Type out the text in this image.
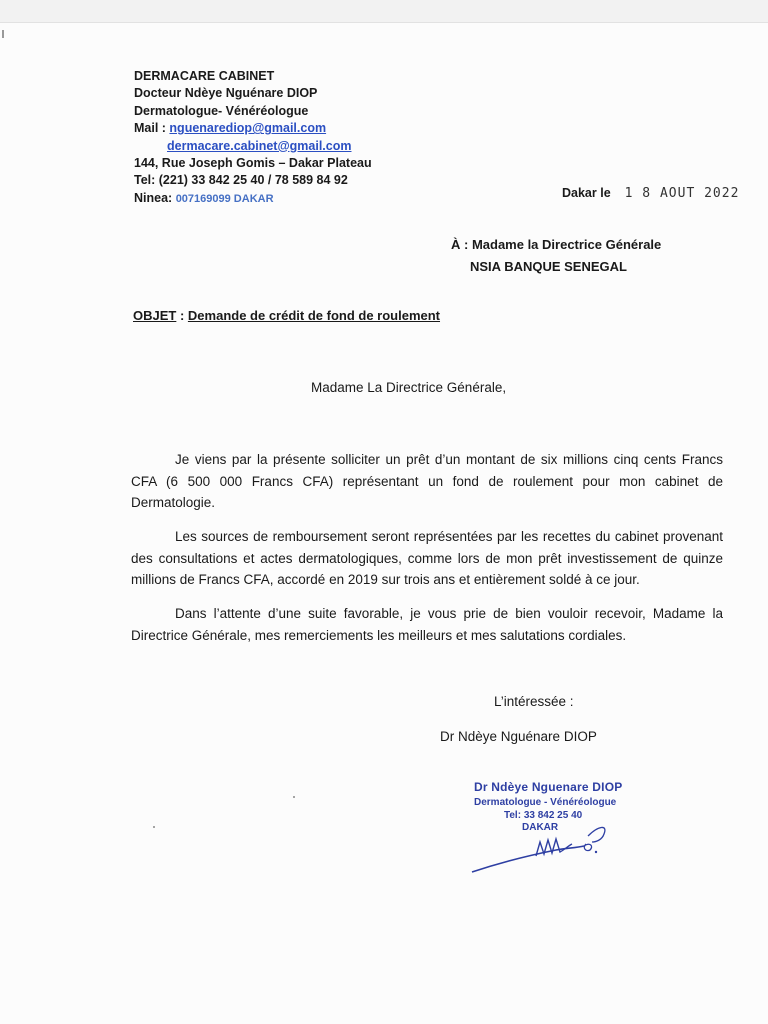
DERMACARE CABINET
Docteur Ndèye Nguénare DIOP
Dermatologue- Vénéréologue
Mail : nguenarediop@gmail.com
dermacare.cabinet@gmail.com
144, Rue Joseph Gomis – Dakar Plateau
Tel: (221) 33 842 25 40 / 78 589 84 92
Ninea: 007169099 DAKAR	Dakar le 1 8 AOUT 2022
À : Madame la Directrice Générale
NSIA BANQUE SENEGAL
OBJET : Demande de crédit de fond de roulement
Madame La Directrice Générale,

Je viens par la présente solliciter un prêt d’un montant de six millions cinq cents Francs CFA (6 500 000 Francs CFA) représentant un fond de roulement pour mon cabinet de Dermatologie.

Les sources de remboursement seront représentées par les recettes du cabinet provenant des consultations et actes dermatologiques, comme lors de mon prêt investissement de quinze millions de Francs CFA, accordé en 2019 sur trois ans et entièrement soldé à ce jour.

Dans l’attente d’une suite favorable, je vous prie de bien vouloir recevoir, Madame la Directrice Générale, mes remerciements les meilleurs et mes salutations cordiales.

L’intéressée :
Dr Ndèye Nguénare DIOP
Dr Ndèye Nguenare DIOP
Dermatologue - Vénéréologue
Tel: 33 842 25 40
DAKAR
